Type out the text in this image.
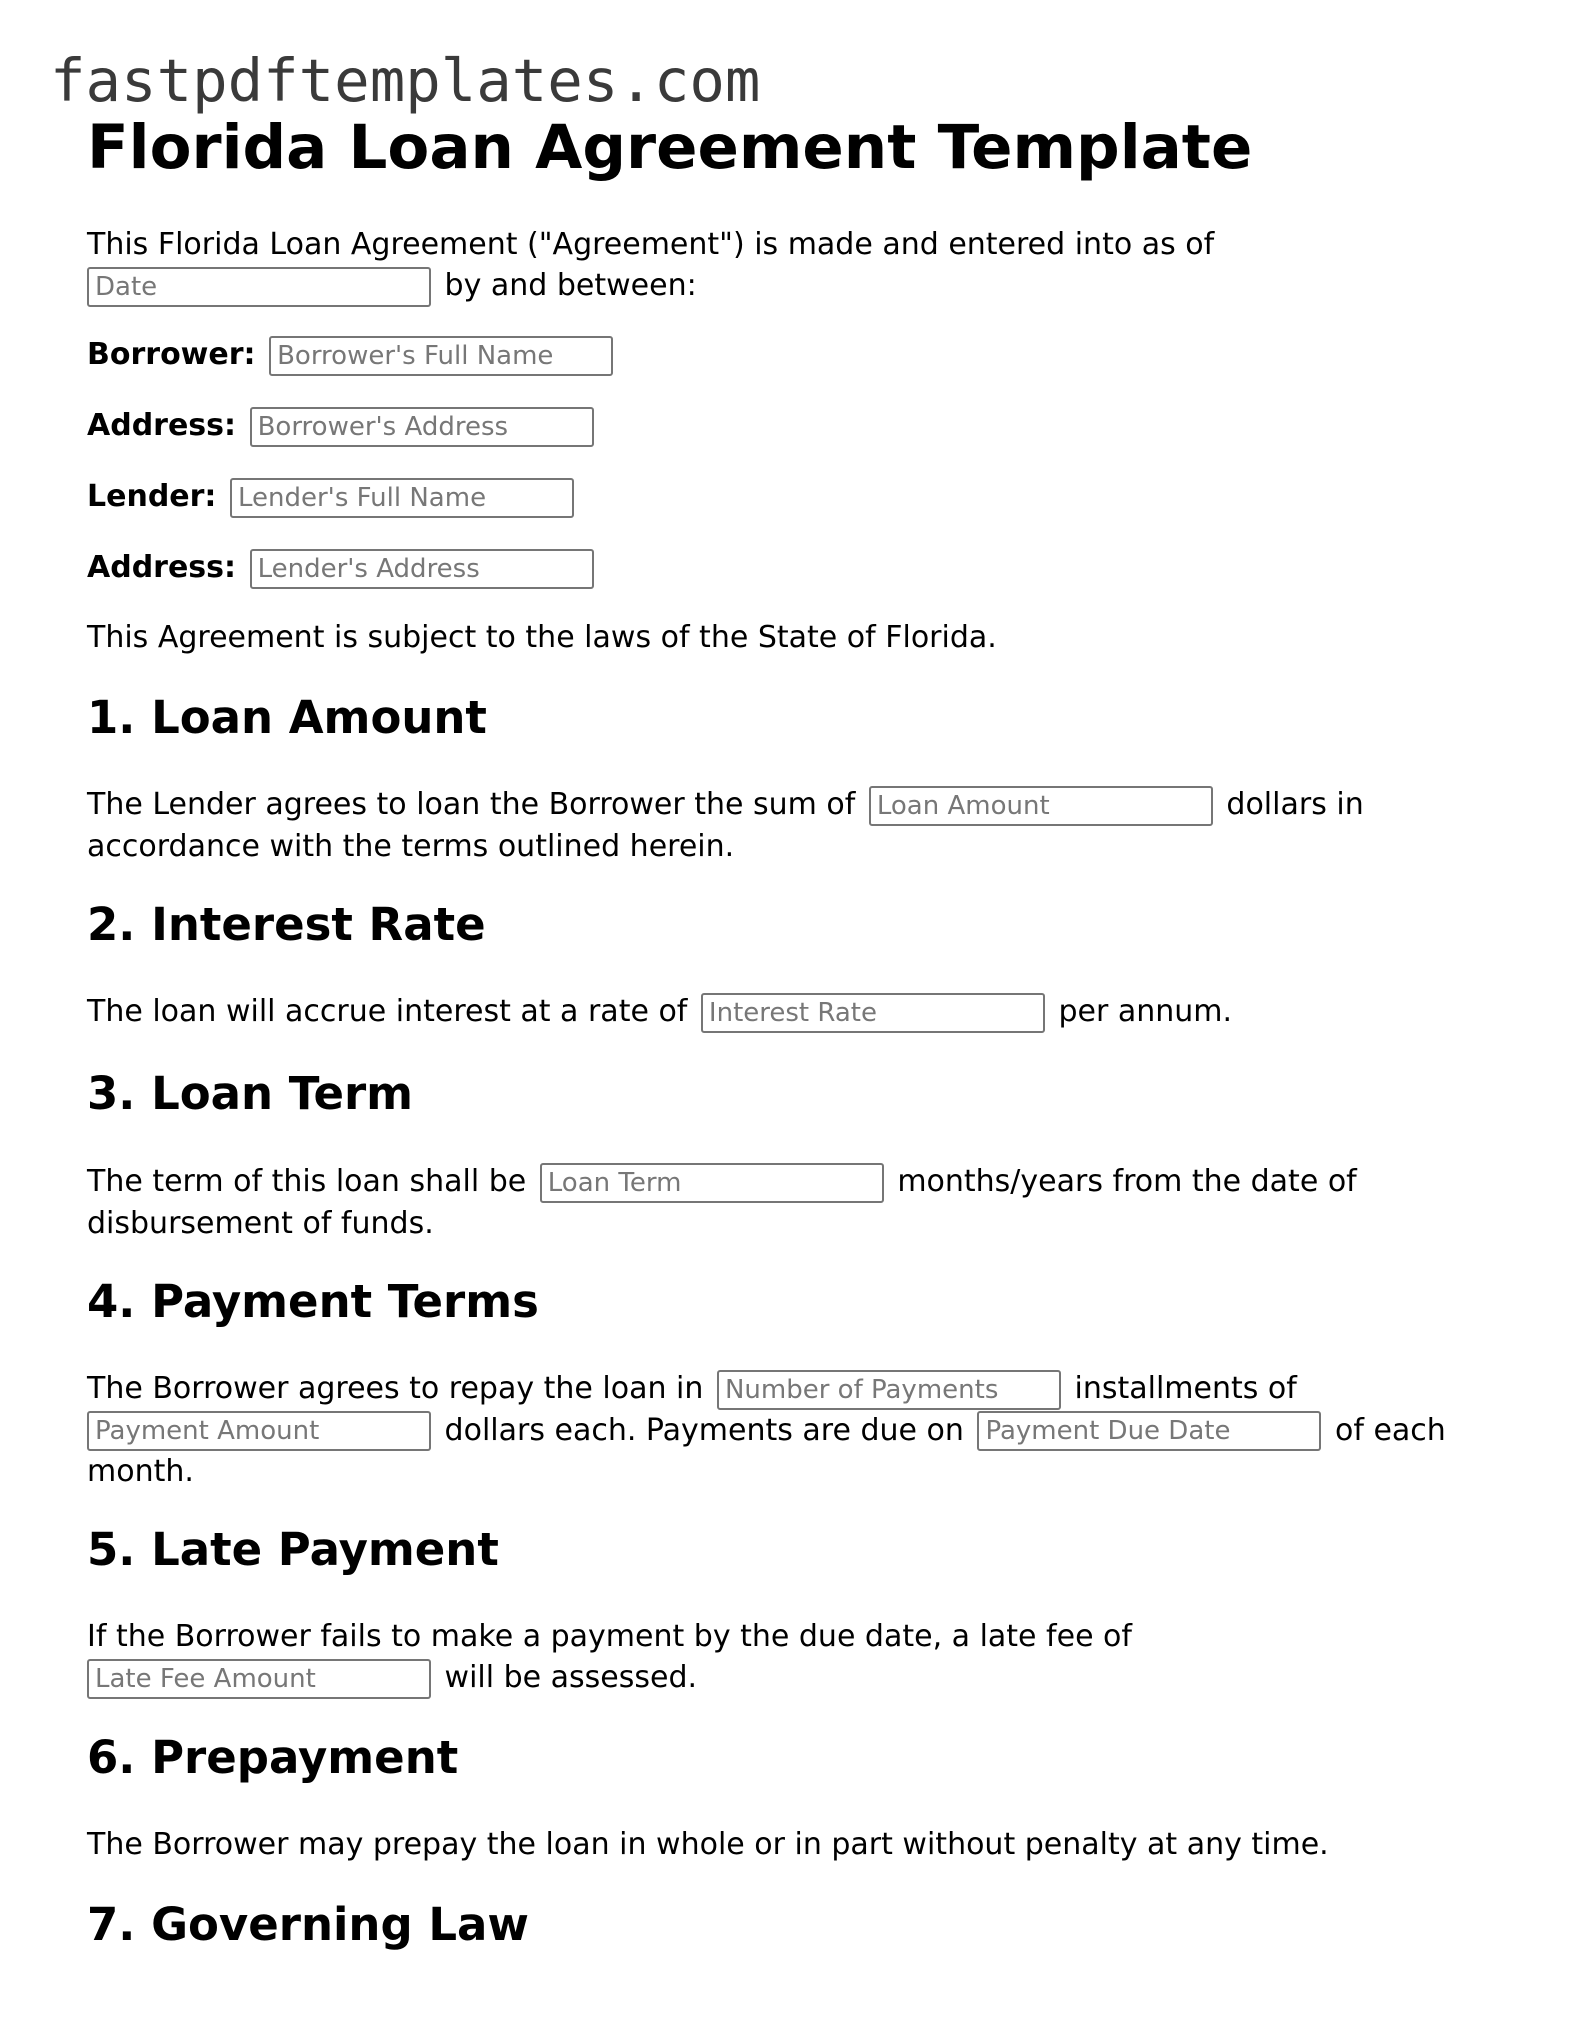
fastpdftemplates.com
Florida Loan Agreement Template

This Florida Loan Agreement ("Agreement") is made and entered into as of
Date by and between:

Borrower: Borrower's Full Name
Address: Borrower's Address
Lender: Lender's Full Name
Address: Lender's Address

This Agreement is subject to the laws of the State of Florida.

1. Loan Amount

The Lender agrees to loan the Borrower the sum of Loan Amount	dollars in accordance with the terms outlined herein.

2. Interest Rate

The loan will accrue interest at a rate of Interest Rate	per annum.

3. Loan Term

The term of this loan shall be Loan Term	months/years from the date of disbursement of funds.

4. Payment Terms

The Borrower agrees to repay the loan in Number of Payments	installments of
Payment Amount dollars each. Payments are due on Payment Due Date	of each month.

5. Late Payment

If the Borrower fails to make a payment by the due date, a late fee of
Late Fee Amount will be assessed.

6. Prepayment

The Borrower may prepay the loan in whole or in part without penalty at any time.

7. Governing Law
